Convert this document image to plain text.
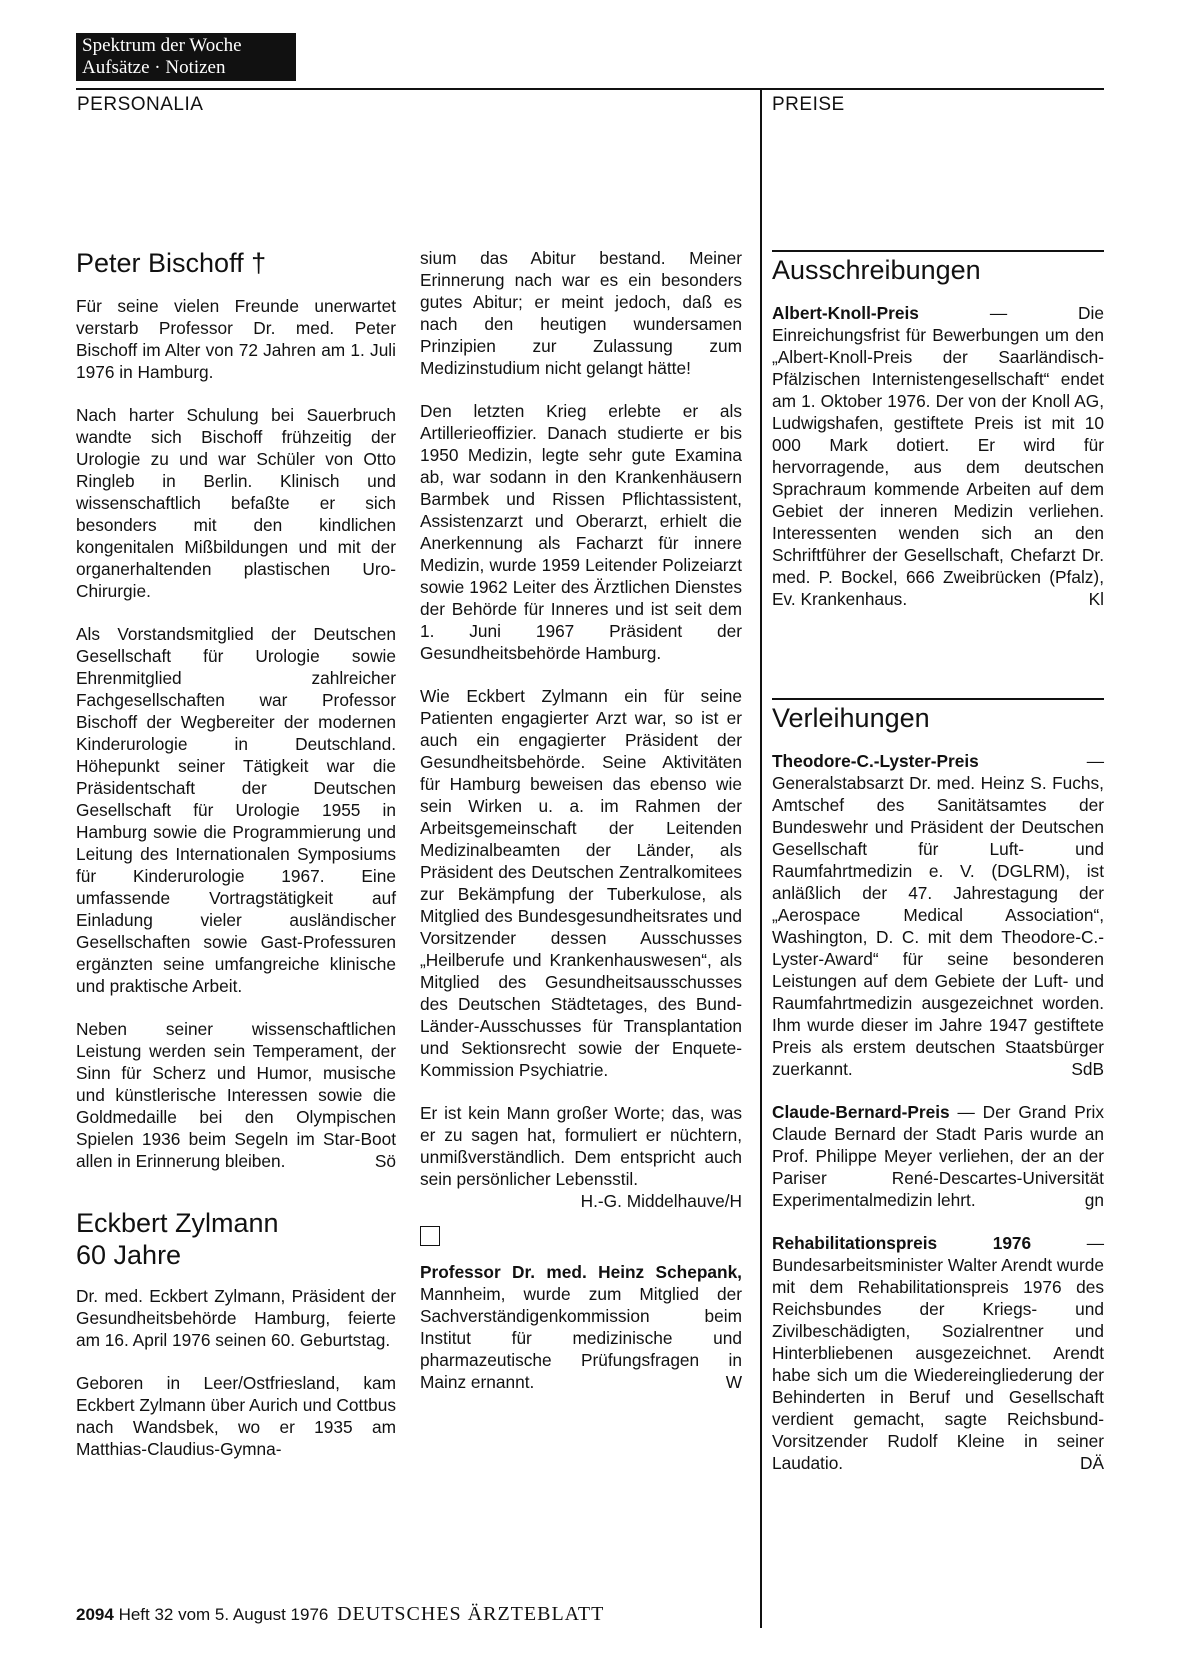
Spektrum der Woche
Aufsätze · Notizen
PERSONALIA	PREISE
Peter Bischoff †

Für seine vielen Freunde unerwartet verstarb Professor Dr. med. Peter Bischoff im Alter von 72 Jahren am 1. Juli 1976 in Hamburg.

Nach harter Schulung bei Sauerbruch wandte sich Bischoff frühzeitig der Urologie zu und war Schüler von Otto Ringleb in Berlin. Klinisch und wissenschaftlich befaßte er sich besonders mit den kindlichen kongenitalen Mißbildungen und mit der organerhaltenden plastischen Uro-Chirurgie.

Als Vorstandsmitglied der Deutschen Gesellschaft für Urologie sowie Ehrenmitglied zahlreicher Fachgesellschaften war Professor Bischoff der Wegbereiter der modernen Kinderurologie in Deutschland. Höhepunkt seiner Tätigkeit war die Präsidentschaft der Deutschen Gesellschaft für Urologie 1955 in Hamburg sowie die Programmierung und Leitung des Internationalen Symposiums für Kinderurologie 1967. Eine umfassende Vortragstätigkeit auf Einladung vieler ausländischer Gesellschaften sowie Gast-Professuren ergänzten seine umfangreiche klinische und praktische Arbeit.

Neben seiner wissenschaftlichen Leistung werden sein Temperament, der Sinn für Scherz und Humor, musische und künstlerische Interessen sowie die Goldmedaille bei den Olympischen Spielen 1936 beim Segeln im Star-Boot allen in Erinnerung bleiben.	Sö

Eckbert Zylmann
60 Jahre

Dr. med. Eckbert Zylmann, Präsident der Gesundheitsbehörde Hamburg, feierte am 16. April 1976 seinen 60. Geburtstag.

Geboren in Leer/Ostfriesland, kam Eckbert Zylmann über Aurich und Cottbus nach Wandsbek, wo er 1935 am Matthias-Claudius-Gymna-

sium das Abitur bestand. Meiner Erinnerung nach war es ein besonders gutes Abitur; er meint jedoch, daß es nach den heutigen wundersamen Prinzipien zur Zulassung zum Medizinstudium nicht gelangt hätte!

Den letzten Krieg erlebte er als Artillerieoffizier. Danach studierte er bis 1950 Medizin, legte sehr gute Examina ab, war sodann in den Krankenhäusern Barmbek und Rissen Pflichtassistent, Assistenzarzt und Oberarzt, erhielt die Anerkennung als Facharzt für innere Medizin, wurde 1959 Leitender Polizeiarzt sowie 1962 Leiter des Ärztlichen Dienstes der Behörde für Inneres und ist seit dem 1. Juni 1967 Präsident der Gesundheitsbehörde Hamburg.

Wie Eckbert Zylmann ein für seine Patienten engagierter Arzt war, so ist er auch ein engagierter Präsident der Gesundheitsbehörde. Seine Aktivitäten für Hamburg beweisen das ebenso wie sein Wirken u. a. im Rahmen der Arbeitsgemeinschaft der Leitenden Medizinalbeamten der Länder, als Präsident des Deutschen Zentralkomitees zur Bekämpfung der Tuberkulose, als Mitglied des Bundesgesundheitsrates und Vorsitzender dessen Ausschusses „Heilberufe und Krankenhauswesen“, als Mitglied des Gesundheitsausschusses des Deutschen Städtetages, des Bund-Länder-Ausschusses für Transplantation und Sektionsrecht sowie der Enquete-Kommission Psychiatrie.

Er ist kein Mann großer Worte; das, was er zu sagen hat, formuliert er nüchtern, unmißverständlich. Dem entspricht auch sein persönlicher Lebensstil.

H.-G. Middelhauve/H

Professor Dr. med. Heinz Schepank, Mannheim, wurde zum Mitglied der Sachverständigenkommission beim Institut für medizinische und pharmazeutische Prüfungsfragen in Mainz ernannt.	W

Ausschreibungen

Albert-Knoll-Preis — Die Einreichungsfrist für Bewerbungen um den „Albert-Knoll-Preis der Saarländisch-Pfälzischen Internistengesellschaft“ endet am 1. Oktober 1976. Der von der Knoll AG, Ludwigshafen, gestiftete Preis ist mit 10 000 Mark dotiert. Er wird für hervorragende, aus dem deutschen Sprachraum kommende Arbeiten auf dem Gebiet der inneren Medizin verliehen. Interessenten wenden sich an den Schriftführer der Gesellschaft, Chefarzt Dr. med. P. Bockel, 666 Zweibrücken (Pfalz), Ev. Krankenhaus.	Kl

Verleihungen

Theodore-C.-Lyster-Preis — Generalstabsarzt Dr. med. Heinz S. Fuchs, Amtschef des Sanitätsamtes der Bundeswehr und Präsident der Deutschen Gesellschaft für Luft- und Raumfahrtmedizin e. V. (DGLRM), ist anläßlich der 47. Jahrestagung der „Aerospace Medical Association“, Washington, D. C. mit dem Theodore-C.-Lyster-Award“ für seine besonderen Leistungen auf dem Gebiete der Luft- und Raumfahrtmedizin ausgezeichnet worden. Ihm wurde dieser im Jahre 1947 gestiftete Preis als erstem deutschen Staatsbürger zuerkannt.	SdB

Claude-Bernard-Preis — Der Grand Prix Claude Bernard der Stadt Paris wurde an Prof. Philippe Meyer verliehen, der an der Pariser René-Descartes-Universität Experimentalmedizin lehrt.	gn

Rehabilitationspreis 1976 — Bundesarbeitsminister Walter Arendt wurde mit dem Rehabilitationspreis 1976 des Reichsbundes der Kriegs- und Zivilbeschädigten, Sozialrentner und Hinterbliebenen ausgezeichnet. Arendt habe sich um die Wiedereingliederung der Behinderten in Beruf und Gesellschaft verdient gemacht, sagte Reichsbund-Vorsitzender Rudolf Kleine in seiner Laudatio.	DÄ

2094 Heft 32 vom 5. August 1976 DEUTSCHES ÄRZTEBLATT
